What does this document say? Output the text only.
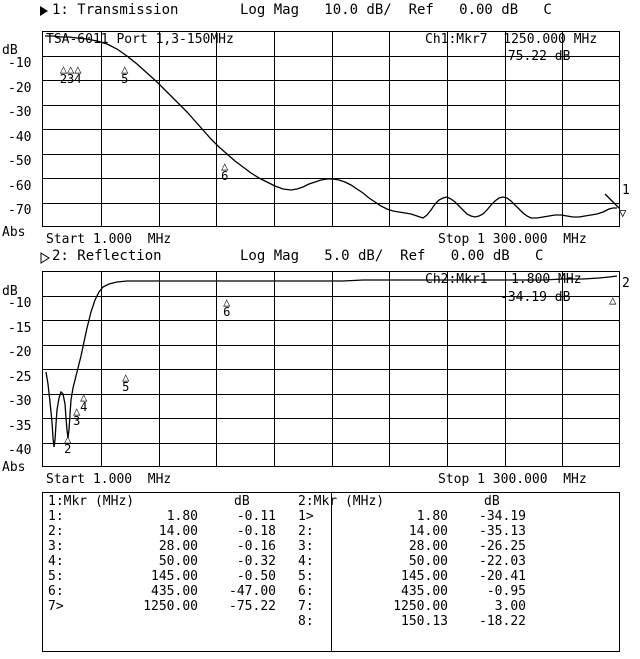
1: Transmission	Log Mag   10.0 dB/  Ref   0.00 dB   C

△△△
234

△
5

△
6

▽

TSA-6011 Port 1,3-150MHz	Ch1:Mkr7  1250.000 MHz
-75.22 dB
1
dB
-10
-20
-30
-40
-50
-60
-70
Abs Start 1.000  MHz	Stop 1 300.000  MHz
2: Reflection	Log Mag   5.0 dB/  Ref   0.00 dB   C

△
2

△
3

△
4

△
5

△
6

△

Ch2:Mkr1   1.800 MHz
-34.19 dB
2
dB
-10
-15
-20
-25
-30
-35
-40
Abs
Start 1.000  MHz	Stop 1 300.000  MHz
1:Mkr (MHz)		dB
1:	1.80	-0.11
2:	14.00	-0.18
3:	28.00	-0.16
4:	50.00	-0.32
5:	145.00	-0.50
6:	435.00	-47.00
7>	1250.00	-75.22
2:Mkr (MHz)		dB
1>	1.80	-34.19
2:	14.00	-35.13
3:	28.00	-26.25
4:	50.00	-22.03
5:	145.00	-20.41
6:	435.00	-0.95
7:	1250.00	3.00
8:	150.13	-18.22
